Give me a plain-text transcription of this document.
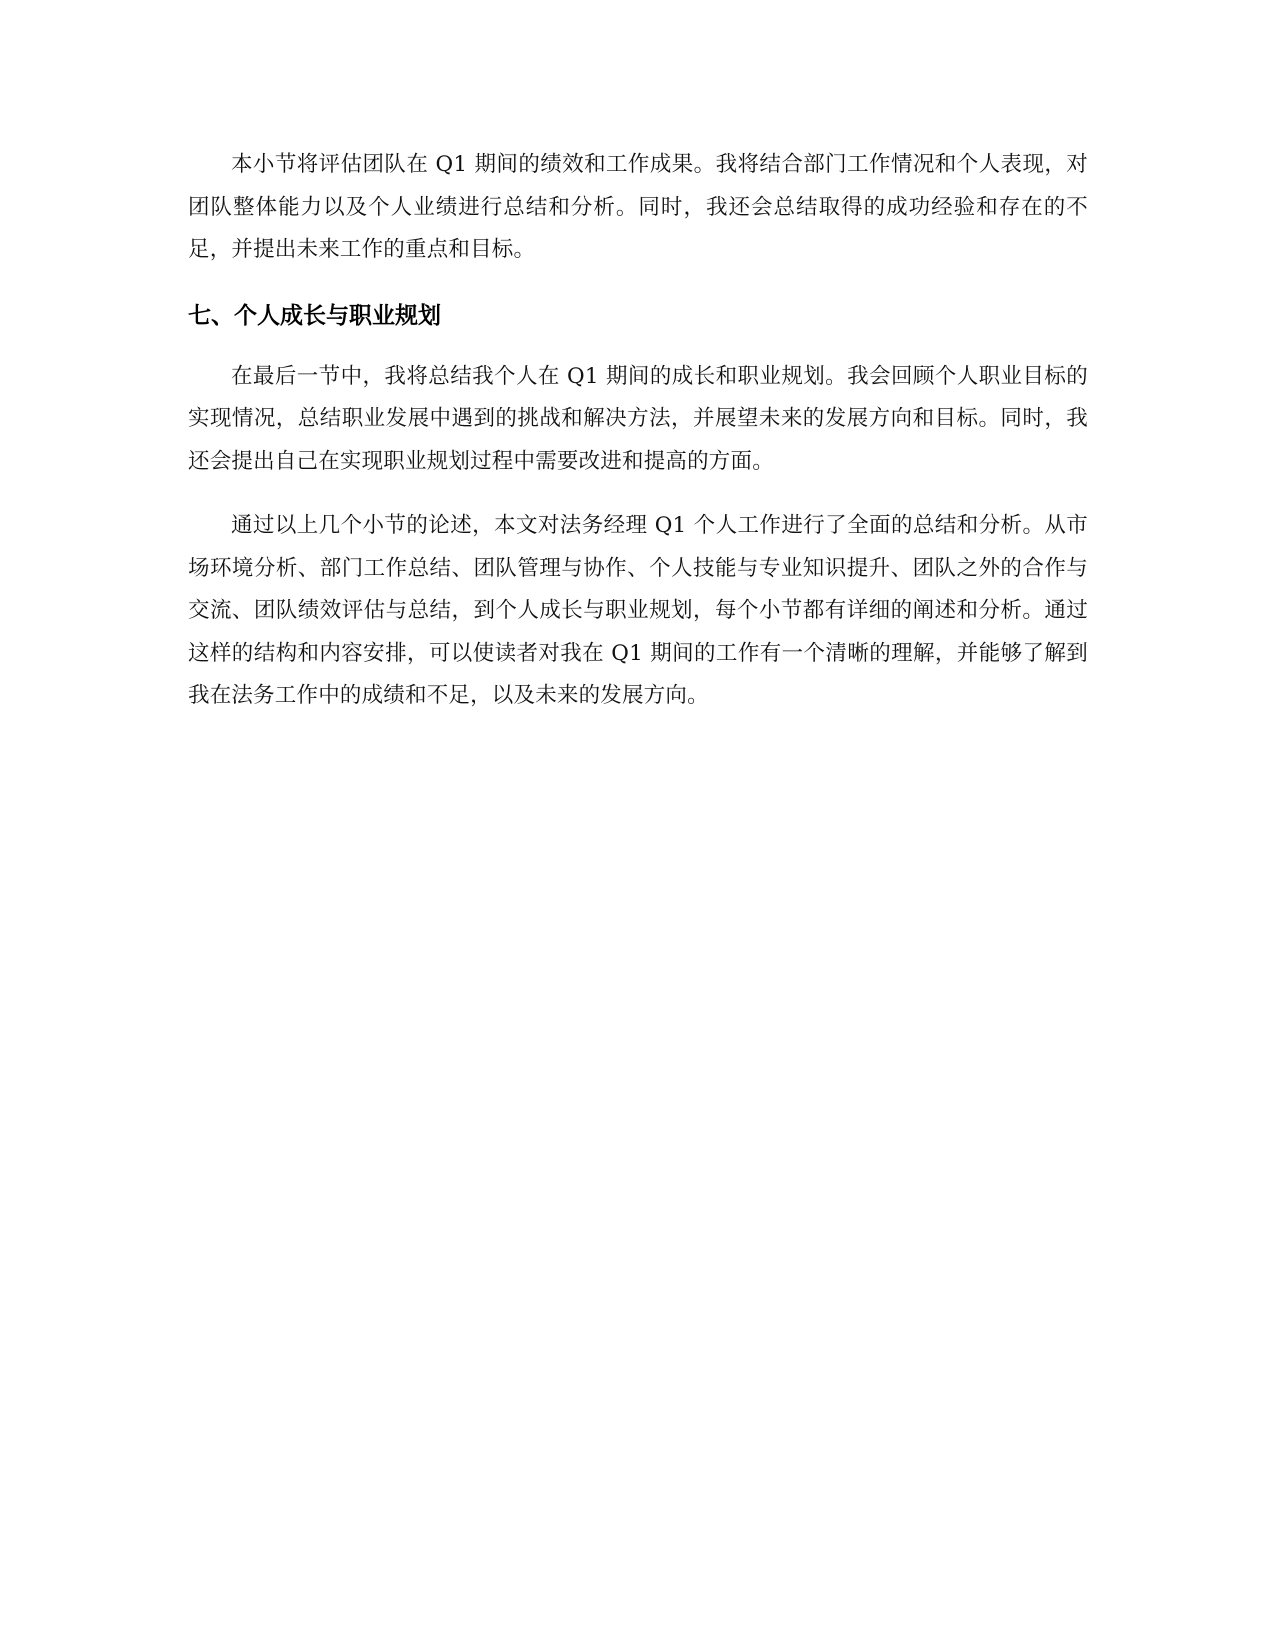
本小节将评估团队在 Q1 期间的绩效和工作成果。我将结合部门工作情况和个人表现，对团队整体能力以及个人业绩进行总结和分析。同时，我还会总结取得的成功经验和存在的不足，并提出未来工作的重点和目标。

七、个人成长与职业规划

在最后一节中，我将总结我个人在 Q1 期间的成长和职业规划。我会回顾个人职业目标的实现情况，总结职业发展中遇到的挑战和解决方法，并展望未来的发展方向和目标。同时，我还会提出自己在实现职业规划过程中需要改进和提高的方面。

通过以上几个小节的论述，本文对法务经理 Q1 个人工作进行了全面的总结和分析。从市场环境分析、部门工作总结、团队管理与协作、个人技能与专业知识提升、团队之外的合作与交流、团队绩效评估与总结，到个人成长与职业规划，每个小节都有详细的阐述和分析。通过这样的结构和内容安排，可以使读者对我在 Q1 期间的工作有一个清晰的理解，并能够了解到我在法务工作中的成绩和不足，以及未来的发展方向。
